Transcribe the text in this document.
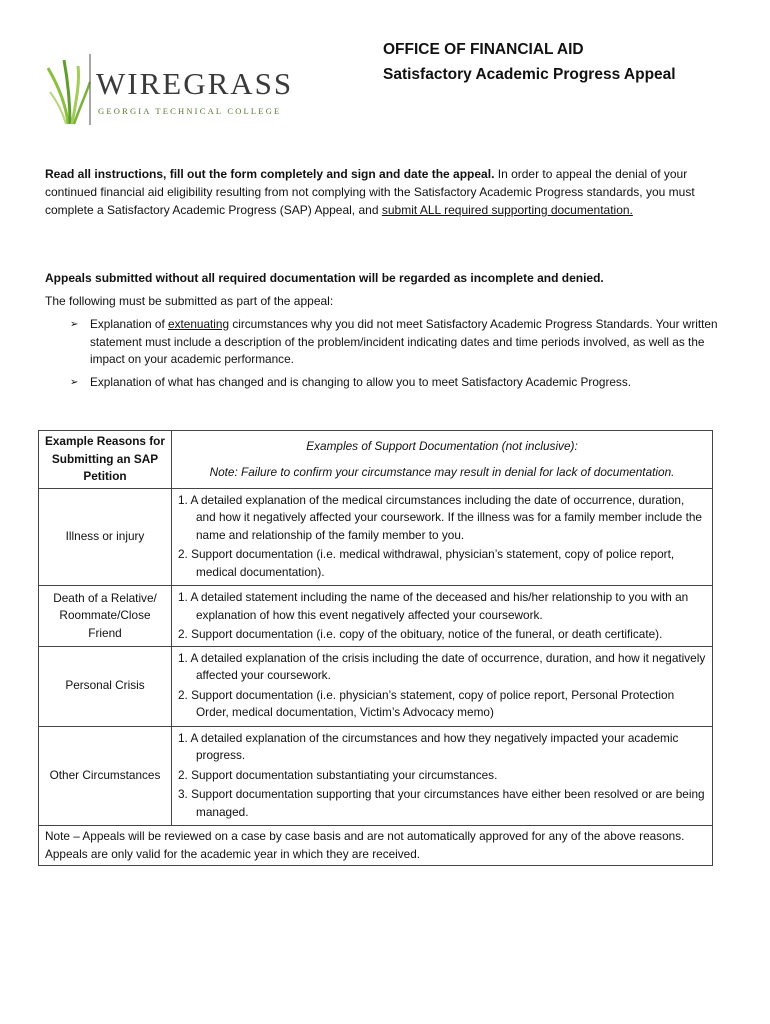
WIREGRASS
GEORGIA TECHNICAL COLLEGE
OFFICE OF FINANCIAL AID
Satisfactory Academic Progress Appeal
Read all instructions, fill out the form completely and sign and date the appeal. In order to appeal the denial of your continued financial aid eligibility resulting from not complying with the Satisfactory Academic Progress standards, you must complete a Satisfactory Academic Progress (SAP) Appeal, and submit ALL required supporting documentation.
Appeals submitted without all required documentation will be regarded as incomplete and denied.
The following must be submitted as part of the appeal:
➢ Explanation of extenuating circumstances why you did not meet Satisfactory Academic Progress Standards. Your written statement must include a description of the problem/incident indicating dates and time periods involved, as well as the impact on your academic performance.
➢ Explanation of what has changed and is changing to allow you to meet Satisfactory Academic Progress.
Example Reasons for Submitting an SAP Petition	Examples of Support Documentation (not inclusive):
Note: Failure to confirm your circumstance may result in denial for lack of documentation.

Illness or injury	1. A detailed explanation of the medical circumstances including the date of occurrence, duration, and how it negatively affected your coursework. If the illness was for a family member include the name and relationship of the family member to you.
2. Support documentation (i.e. medical withdrawal, physician’s statement, copy of police report, medical documentation).

Death of a Relative/ Roommate/Close Friend	1. A detailed statement including the name of the deceased and his/her relationship to you with an explanation of how this event negatively affected your coursework.
2. Support documentation (i.e. copy of the obituary, notice of the funeral, or death certificate).

Personal Crisis	1. A detailed explanation of the crisis including the date of occurrence, duration, and how it negatively affected your coursework.
2. Support documentation (i.e. physician’s statement, copy of police report, Personal Protection Order, medical documentation, Victim’s Advocacy memo)

Other Circumstances	1. A detailed explanation of the circumstances and how they negatively impacted your academic progress.
2. Support documentation substantiating your circumstances.
3. Support documentation supporting that your circumstances have either been resolved or are being managed.

Note – Appeals will be reviewed on a case by case basis and are not automatically approved for any of the above reasons. Appeals are only valid for the academic year in which they are received.	
